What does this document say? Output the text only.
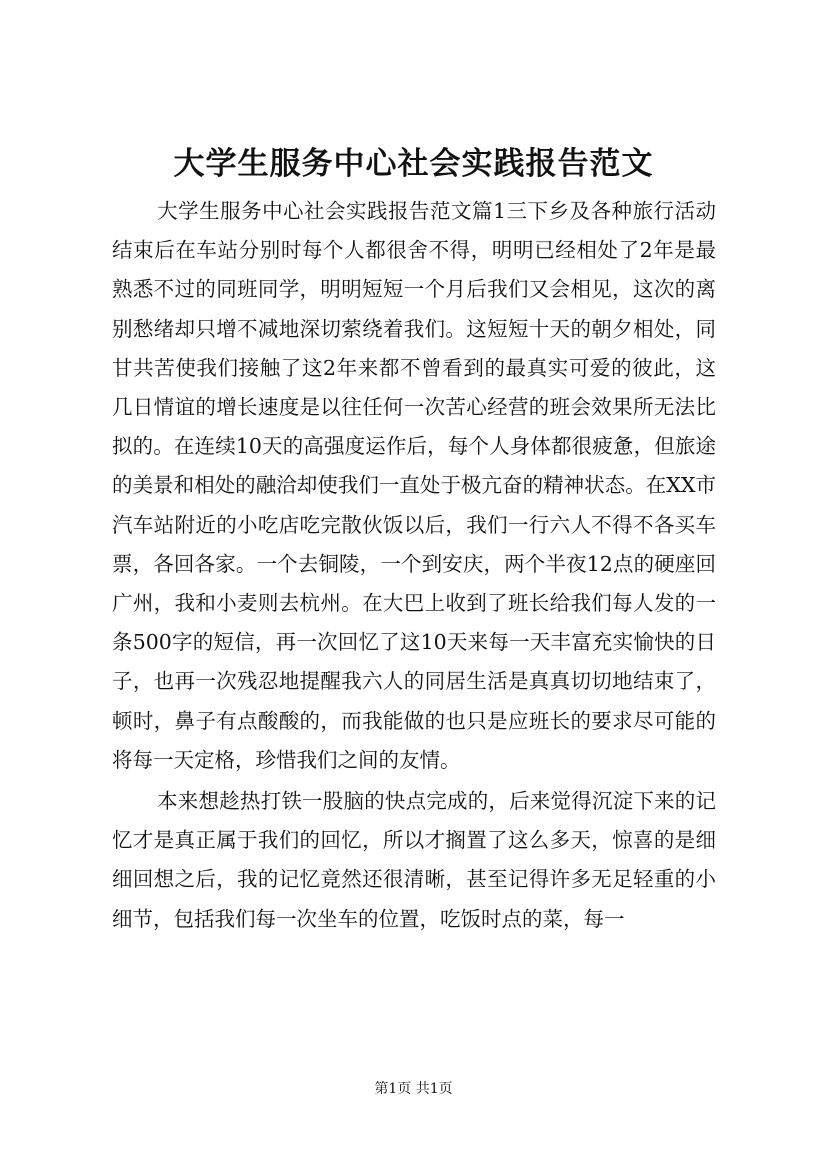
大学生服务中心社会实践报告范文

大学生服务中心社会实践报告范文篇1三下乡及各种旅行活动结束后在车站分别时每个人都很舍不得，明明已经相处了2年是最熟悉不过的同班同学，明明短短一个月后我们又会相见，这次的离别愁绪却只增不减地深切萦绕着我们。这短短十天的朝夕相处，同甘共苦使我们接触了这2年来都不曾看到的最真实可爱的彼此，这几日情谊的增长速度是以往任何一次苦心经营的班会效果所无法比拟的。在连续10天的高强度运作后，每个人身体都很疲惫，但旅途的美景和相处的融洽却使我们一直处于极亢奋的精神状态。在XX市汽车站附近的小吃店吃完散伙饭以后，我们一行六人不得不各买车票，各回各家。一个去铜陵，一个到安庆，两个半夜12点的硬座回广州，我和小麦则去杭州。在大巴上收到了班长给我们每人发的一条500字的短信，再一次回忆了这10天来每一天丰富充实愉快的日子，也再一次残忍地提醒我六人的同居生活是真真切切地结束了，顿时，鼻子有点酸酸的，而我能做的也只是应班长的要求尽可能的将每一天定格，珍惜我们之间的友情。

本来想趁热打铁一股脑的快点完成的，后来觉得沉淀下来的记忆才是真正属于我们的回忆，所以才搁置了这么多天，惊喜的是细细回想之后，我的记忆竟然还很清晰，甚至记得许多无足轻重的小细节，包括我们每一次坐车的位置，吃饭时点的菜，每一

第1页 共1页
